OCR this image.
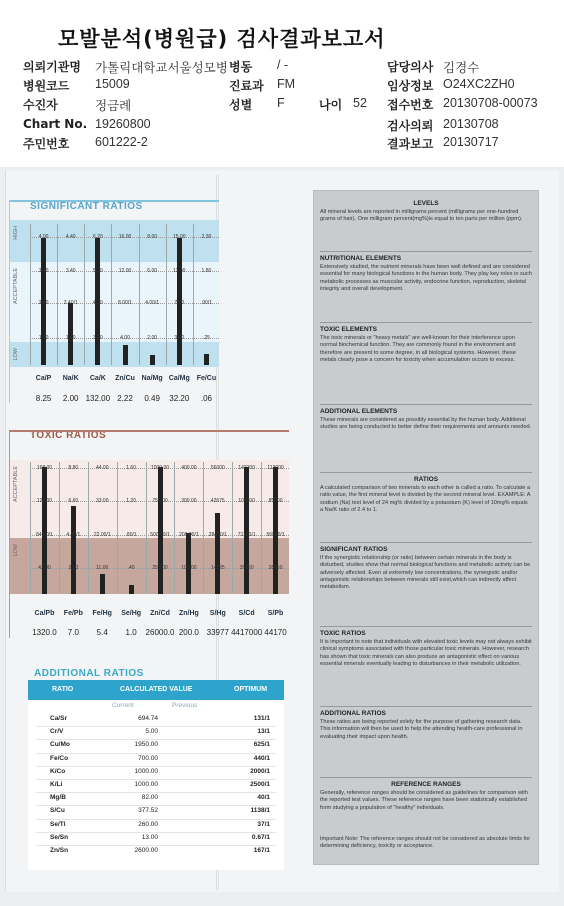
모발분석(병원급) 검사결과보고서
의뢰기관명 가톨릭대학교서울성모병
병원코드 15009
수진자	정금례
Chart No. 19260800
주민번호 601222-2
병동 / -
진료과 FM
성별 F	나이 52
담당의사 김경수
임상정보 O24XC2ZH0
접수번호 20130708-00073
검사의뢰 20130708
결과보고 20130717
SIGNIFICANT RATIOS
HIGH
ACCEPTABLE
LOW
4.00	4.40	6.20	16.00	8.00	15.00	2.30
3.40	3.40	5.20	12.00	6.00	11.00	1.80
2.60	2.40/1	4.20	8.00/1	4.00/1	7.00	.90/1
1.80	1.40	3.20	4.00	2.00	3.00	.25
Ca/P
8.25
Na/K
2.00
Ca/K
132.00
Zn/Cu
2.22
Na/Mg
0.49
Ca/Mg
32.20
Fe/Cu
.06
TOXIC RATIOS
ACCEPTABLE
LOW
168.00	8.80	44.00	1.60	1000.00 400.00	56000	142200 113000
126.00	6.60	33.00	1.20	750.00	300.00	42675	106600	85300
84.00/1	4.40/1	22.00/1	.80/1	500.00/1 200.00/1 28450/1 71100/1 56900/1
42.00	2.20	11.00	.40	250.00	100.00	14225	35550	28450
Ca/Pb
1320.0
Fe/Pb
7.0
Fe/Hg
5.4
Se/Hg
1.0
Zn/Cd
26000.0
Zn/Hg
200.0
S/Hg
33977
S/Cd
4417000
S/Pb
44170
ADDITIONAL RATIOS
RATIO	CALCULATED VALUE	OPTIMUM
Current	Previous
Ca/Sr	694.74	131/1
Cr/V	5.00	13/1
Cu/Mo	1950.00	625/1
Fe/Co	700.00	440/1
K/Co	1000.00	2000/1
K/Li	1000.00	2500/1
Mg/B	82.00	40/1
S/Cu	377.52	1138/1
Se/Tl	260.00	37/1
Se/Sn	13.00	0.67/1
Zn/Sn	2600.00	167/1
LEVELS

All mineral levels are reported in milligrams percent (milligrams per one-hundred grams of hair). One milligram percent(mg%)is equal to ten parts per million (ppm).

NUTRITIONAL ELEMENTS

Extensively studied, the nutrient minerals have been well defined and are considered essential for many biological functions in the human body. They play key roles in such metabolic processes as muscular activity, endocrine function, reproduction, skeletal integrity and overall development.

TOXIC ELEMENTS

The toxic minerals or "heavy metals" are well-known for their interference upon normal biochemical function. They are commonly found in the environment and therefore are present to some degree, in all biological systems. However, these metals clearly pose a concern for toxicity when accumulation occurs to excess.

ADDITIONAL ELEMENTS

These minerals are considered as possibly essential by the human body. Additional studies are being conducted to better define their requirements and amounts needed.

RATIOS

A calculated comparison of two minerals to each other is called a ratio. To calculate a ratio value, the first mineral level is divided by the second mineral level. EXAMPLE: A sodium (Na) test level of 24 mg% divided by a potassium (K) level of 10mg% equals a Na/K ratio of 2.4 to 1.

SIGNIFICANT RATIOS

If the synergistic relationship (or ratio) between certain minerals in the body is disturbed, studies show that normal biological functions and metabolic activity can be adversely affected. Even at extremely low concentrations, the synergistic and/or antagonistic relationships between minerals still exist,which can indirectly affect metabolism.

TOXIC RATIOS

It is important to note that individuals with elevated toxic levels may not always exhibit clinical symptoms associated with those particular toxic minerals. However, research has shown that toxic minerals can also produce an antagonistic effect on various essential minerals eventually leading to disturbances in their metabolic utilization.

ADDITIONAL RATIOS

These ratios are being reported solely for the purpose of gathering research data. This information will then be used to help the attending health-care professional in evaluating their impact upon health.

REFERENCE RANGES

Generally, reference ranges should be considered as guidelines for comparison with the reported test values. These reference ranges have been statistically established form studying a population of "healthy" individuals.

Important Note: The reference ranges should not be considered as absolute limits for determining deficiency, toxicity or acceptance.
